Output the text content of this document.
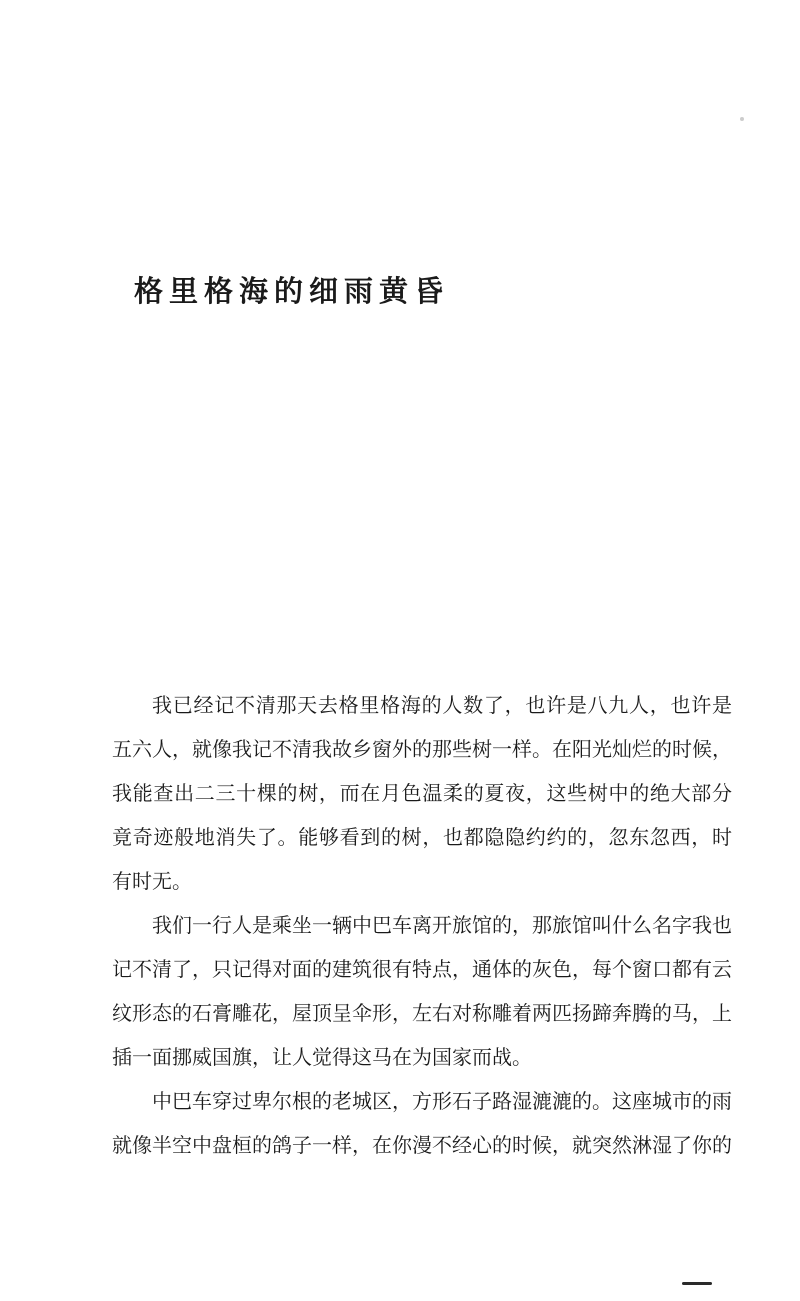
格里格海的细雨黄昏
我已经记不清那天去格里格海的人数了，也许是八九人，也许是
五六人，就像我记不清我故乡窗外的那些树一样。在阳光灿烂的时候，
我能查出二三十棵的树，而在月色温柔的夏夜，这些树中的绝大部分
竟奇迹般地消失了。能够看到的树，也都隐隐约约的，忽东忽西，时
有时无。
我们一行人是乘坐一辆中巴车离开旅馆的，那旅馆叫什么名字我也
记不清了，只记得对面的建筑很有特点，通体的灰色，每个窗口都有云
纹形态的石膏雕花，屋顶呈伞形，左右对称雕着两匹扬蹄奔腾的马，上
插一面挪威国旗，让人觉得这马在为国家而战。
中巴车穿过卑尔根的老城区，方形石子路湿漉漉的。这座城市的雨
就像半空中盘桓的鸽子一样，在你漫不经心的时候，就突然淋湿了你的
